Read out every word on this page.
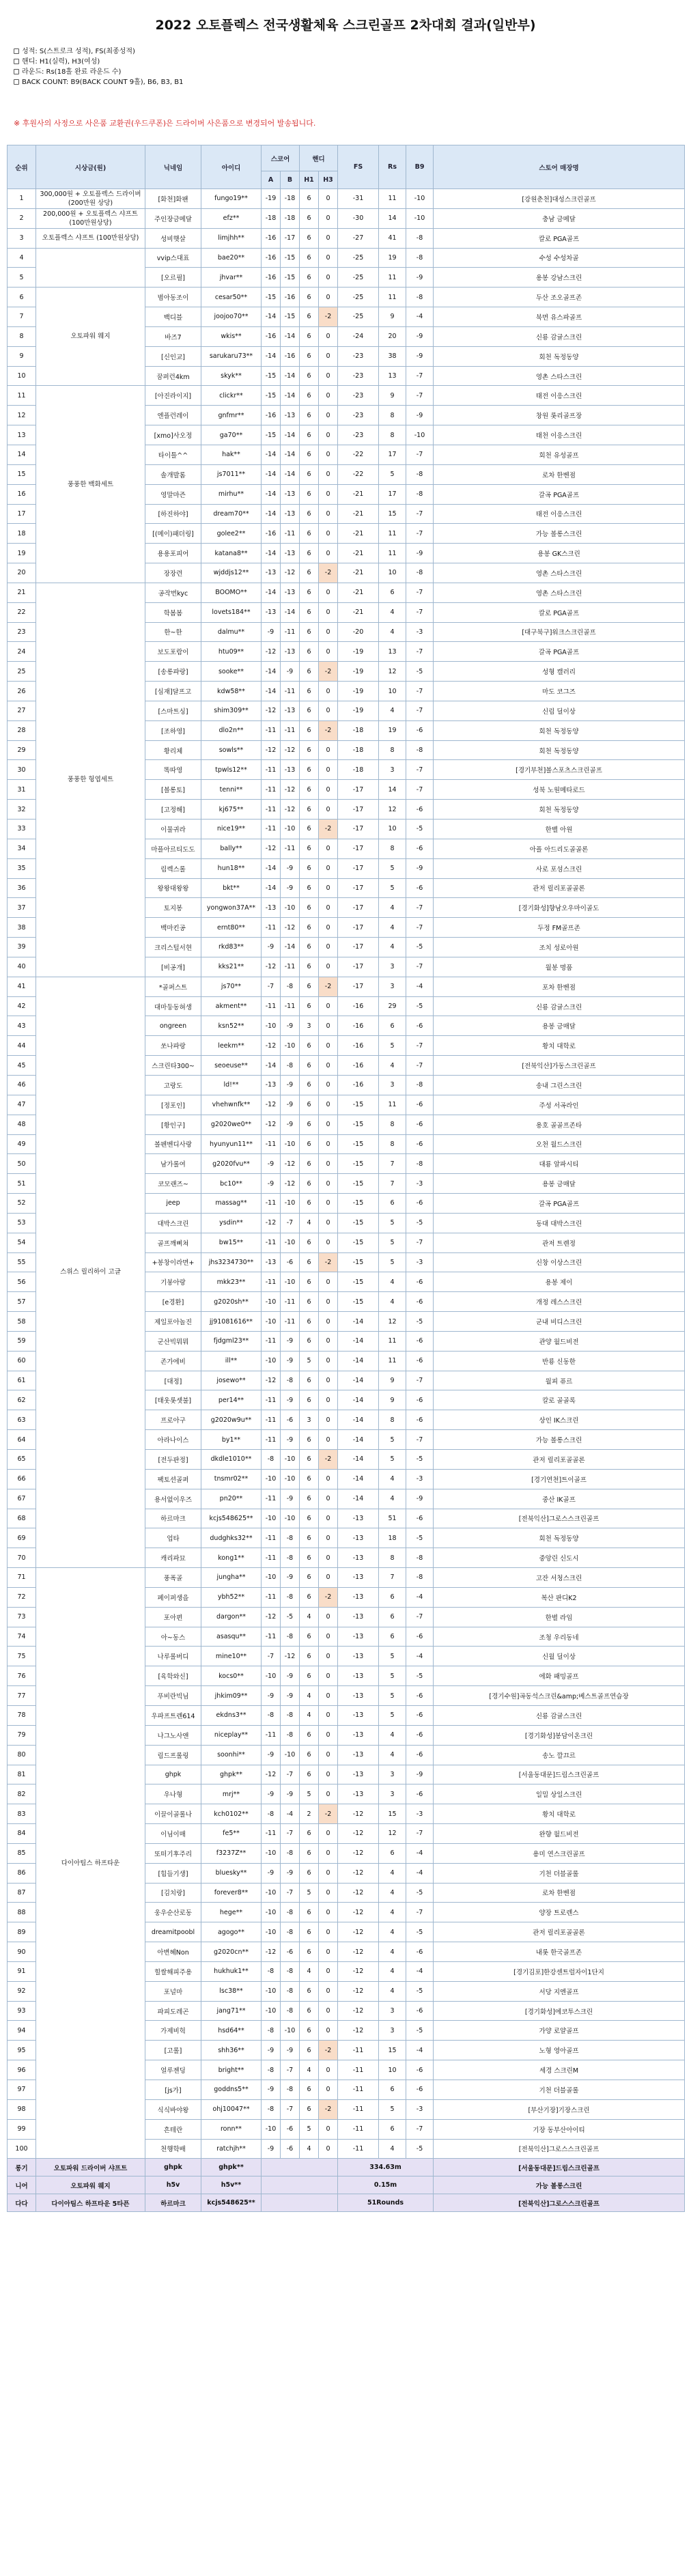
2022 오토플렉스 전국생활체육 스크린골프 2차대회 결과(일반부)
성적: S(스트로크 성적), FS(최종성적)
핸디: H1(실력), H3(여성)
라운드: Rs(18홀 완료 라운드 수)
BACK COUNT: B9(BACK COUNT 9홀), B6, B3, B1
※ 후원사의 사정으로 사은품 교환권(우드쿠폰)은 드라이버 사은품으로 변경되어 발송됩니다.
순위	시상금(원)	닉네임	아이디	스코어		핸디		FS	Rs	B9	스토어 매장명
				A	B	H1	H3				
1	300,000원 + 오토플렉스 드라이버 (200만원 상당)	[화천]화팬	fungo19**	-19	-18	6	0	-31	11	-10	[강원춘천]대성스크린골프
2	200,000원 + 오토플렉스 샤프트 (100만원상당)	주인장금메달	efz**	-18	-18	6	0	-30	14	-10	충남 금메달
3	오토플렉스 샤프트 (100만원상당)	성비햇살	limjhh**	-16	-17	6	0	-27	41	-8	칼로 PGA골프
4		vvip스대표	bae20**	-16	-15	6	0	-25	19	-8	수성 수성차골
5		[오르필]	jhvar**	-16	-15	6	0	-25	11	-9	용봉 강남스크린
6	오토파워 웨지	범아동조이	cesar50**	-15	-16	6	0	-25	11	-8	두산 조오골프존
7		백디블	joojoo70**	-14	-15	6	-2	-25	9	-4	북면 유스파골프
8		바즈7	wkis**	-16	-14	6	0	-24	20	-9	신룡 감귤스크린
9		[신인교]	sarukaru73**	-14	-16	6	0	-23	38	-9	회천 독정동양
10		꿈퍼런4km	skyk**	-15	-14	6	0	-23	13	-7	영촌 스타스크린
11	풍풍한 백화세트	[아진라이지]	clickr**	-15	-14	6	0	-23	9	-7	태전 이응스크린
12		엔플런레이	gnfmr**	-16	-13	6	0	-23	8	-9	창원 롯리골프장
13		[xmo]사오정	ga70**	-15	-14	6	0	-23	8	-10	태천 이응스크린
14		타이틀^^	hak**	-14	-14	6	0	-22	17	-7	회천 유성골프
15		솔개발롬	js7011**	-14	-14	6	0	-22	5	-8	로차 한벤점
16		영말마즌	mirhu**	-14	-13	6	0	-21	17	-8	갈곡 PGA골프
17		[하진하야]	dream70**	-14	-13	6	0	-21	15	-7	태전 이응스크린
18		[(메이)패더링]	golee2**	-16	-11	6	0	-21	11	-7	가능 볼롱스크린
19		용용포피어	katana8**	-14	-13	6	0	-21	11	-9	용봉 GK스크린
20		장장련	wjddjs12**	-13	-12	6	-2	-21	10	-8	영촌 스타스크린
21	풍풍한 헝엽세트	공작번kyc	BOOMO**	-14	-13	6	0	-21	6	-7	영촌 스타스크린
22		학봄봄	lovets184**	-13	-14	6	0	-21	4	-7	칼로 PGA골프
23		한~한	dalmu**	-9	-11	6	0	-20	4	-3	[대구북구]워크스크린골프
24		보도포람이	htu09**	-12	-13	6	0	-19	13	-7	갈곡 PGA골프
25		[송롱파랑]	sooke**	-14	-9	6	-2	-19	12	-5	성형 캘러리
26		[심재]달프고	kdw58**	-14	-11	6	0	-19	10	-7	마도 코그즈
27		[스마트싱]	shim309**	-12	-13	6	0	-19	4	-7	신림 딜이상
28		[조하영]	dlo2n**	-11	-11	6	-2	-18	19	-6	회천 독정동양
29		황리체	sowls**	-12	-12	6	0	-18	8	-8	회천 독정동양
30		똑따영	tpwls12**	-11	-13	6	0	-18	3	-7	[경기부천]볼스포츠스크린골프
31		[볼롱토]	tenni**	-11	-12	6	0	-17	14	-7	성북 노원메타로드
32		[고정해]	kj675**	-11	-12	6	0	-17	12	-6	회천 독정동양
33		이물귀라	nice19**	-11	-10	6	-2	-17	10	-5	한벨 아원
34		마플아르티도도	bally**	-12	-11	6	0	-17	8	-6	아플 아드리도골골론
35		림렉스롤	hun18**	-14	-9	6	0	-17	5	-9	사로 포섬스크린
36		왕왕대왕왕	bkt**	-14	-9	6	0	-17	5	-6	관저 릴리포골골론
37		토지봉	yongwon37A**	-13	-10	6	0	-17	4	-7	[경기화성]향남오우마이골도
38		백마킨공	ernt80**	-11	-12	6	0	-17	4	-7	두정 FM골프존
39		크리스털서현	rkd83**	-9	-14	6	0	-17	4	-5	조치 성로아원
40		[비공개]	kks21**	-12	-11	6	0	-17	3	-7	월봉 명품
41	스위스 릴리하이 고글	*골퍼스트	js70**	-7	-8	6	-2	-17	3	-4	포차 한벤점
42		대마둥동혀생	akment**	-11	-11	6	0	-16	29	-5	신룡 감귤스크린
43		ongreen	ksn52**	-10	-9	3	0	-16	6	-6	용봉 금매달
44		쏘나파랑	leekm**	-12	-10	6	0	-16	5	-7	황치 대학로
45		스크린타300~	seoeuse**	-14	-8	6	0	-16	4	-7	[전북익산]가동스크린골프
46		고랑도	ld!**	-13	-9	6	0	-16	3	-8	송내 그린스크린
47		[정포인]	vhehwnfk**	-12	-9	6	0	-15	11	-6	주성 서곡라인
48		[황인구]	g2020we0**	-12	-9	6	0	-15	8	-6	용호 골골프존타
49		볼펜벤디사랑	hyunyun11**	-11	-10	6	0	-15	8	-6	오천 월드스크린
50		남가롤여	g2020fvu**	-9	-12	6	0	-15	7	-8	대룡 알파시티
51		코모랜즈~	bc10**	-9	-12	6	0	-15	7	-3	용봉 금매달
52		jeep	massag**	-11	-10	6	0	-15	6	-6	갈곡 PGA골프
53		대박스크린	ysdin**	-12	-7	4	0	-15	5	-5	동대 대박스크린
54		골프깨삐쳐	bw15**	-11	-10	6	0	-15	5	-7	관저 트렌정
55		+봉창이라면+	jhs3234730**	-13	-6	6	-2	-15	5	-3	신창 이상스크린
56		기붕아랑	mkk23**	-11	-10	6	0	-15	4	-6	용봉 제이
57		[e경환]	g2020sh**	-10	-11	6	0	-15	4	-6	개정 레스스크린
58		제일포아놀진	jj91081616**	-10	-11	6	0	-14	12	-5	군내 비디스크린
59		군산빅뭐뭐	fjdgml23**	-11	-9	6	0	-14	11	-6	관양 월드비전
60		존가에비	ill**	-10	-9	5	0	-14	11	-6	반룡 신동한
61		[대정]	josewo**	-12	-8	6	0	-14	9	-7	월피 퓨르
62		[태웃롯셋불]	per14**	-11	-9	6	0	-14	9	-6	칼로 골골록
63		프로아구	g2020w9u**	-11	-6	3	0	-14	8	-6	상인 IK스크린
64		아라나이스	by1**	-11	-9	6	0	-14	5	-7	가능 볼롱스크린
65		[전두판정]	dkdle1010**	-8	-10	6	-2	-14	5	-5	관저 릴리포골골론
66		팩토션골퍼	tnsmr02**	-10	-10	6	0	-14	4	-3	[경기연천]트이골프
67		용서없이우즈	pn20**	-11	-9	6	0	-14	4	-9	중산 IK골프
68		하르마크	kcjs548625**	-10	-10	6	0	-13	51	-6	[전북익산]그로스스크린골프
69		업타	dudghks32**	-11	-8	6	0	-13	18	-5	회천 독정동양
70		캐리파묘	kong1**	-11	-8	6	0	-13	8	-8	중앙린 신도시
71	다이아팀스 하프타운	풍폭골	jungha**	-10	-9	6	0	-13	7	-8	고잔 서청스크린
72		페이퍼생을	ybh52**	-11	-8	6	-2	-13	6	-4	복산 판디K2
73		포아편	dargon**	-12	-5	4	0	-13	6	-7	한별 라임
74		아~동스	asasqu**	-11	-8	6	0	-13	6	-6	조청 우리동네
75		나루롤버디	mine10**	-7	-12	6	0	-13	5	-4	신월 딜이상
76		[육학와신]	kocs0**	-10	-9	6	0	-13	5	-5	에화 패밍골프
77		푸비란빅님	jhkim09**	-9	-9	4	0	-13	5	-6	[경기수원]곡동석스크린&amp;베스트골프연습장
78		우파프트렌614	ekdns3**	-8	-8	4	0	-13	5	-6	신룡 감귤스크린
79		나그노사앤	niceplay**	-11	-8	6	0	-13	4	-6	[경기화성]봉담이온크린
80		림드프롤링	soonhi**	-9	-10	6	0	-13	4	-6	송노 깔끄르
81		ghpk	ghpk**	-12	-7	6	0	-13	3	-9	[서울동대문]드림스크린골프
82		우나형	mrj**	-9	-9	5	0	-13	3	-6	일밀 상일스크린
83		이끌이골롤나	kch0102**	-8	-4	2	-2	-12	15	-3	황치 대학로
84		이님이매	fe5**	-11	-7	6	0	-12	12	-7	완향 월드비전
85		또떠기후주리	f3237Z**	-10	-8	6	0	-12	6	-4	용미 연스크린골프
86		[힘들기생]	bluesky**	-9	-9	6	0	-12	4	-4	기천 더블골롤
87		[김치랑]	forever8**	-10	-7	5	0	-12	4	-5	로차 한벤점
88		웅우순산로동	hege**	-10	-8	6	0	-12	4	-7	양장 트로렌스
89		dreamitpoobl	agogo**	-10	-8	6	0	-12	4	-5	관저 릴리포골골론
90		아변혜Non	g2020cn**	-12	-6	6	0	-12	4	-6	내롯 한국골프존
91		힐쌀해피주용	hukhuk1**	-8	-8	4	0	-12	4	-4	[경기김포]한강센트럴자이1단지
92		포널마	lsc38**	-10	-8	6	0	-12	4	-5	서당 지엔골프
93		파피도레곤	jang71**	-10	-8	6	0	-12	3	-6	[경기화성]에코투스크린
94		가제비헉	hsd64**	-8	-10	6	0	-12	3	-5	가양 로얄골프
95		[고롤]	shh36**	-9	-9	6	-2	-11	15	-4	노형 영아골프
96		얼루젠딩	bright**	-8	-7	4	0	-11	10	-6	세경 스크린M
97		[js가]	goddns5**	-9	-8	6	0	-11	6	-6	기천 더블골롤
98		식식바야왕	ohj10047**	-8	-7	6	-2	-11	5	-3	[부산기장]기장스크린
99		흔테란	ronn**	-10	-6	5	0	-11	6	-7	기장 동부산아이티
100		천행학배	ratchjh**	-9	-6	4	0	-11	4	-5	[전북익산]그로스스크린골프
롱기	오토파워 드라이버 샤프트	ghpk	ghpk**					334.63m			[서울동대문]드림스크린골프
니어	오토파워 웨지	h5v	h5v**					0.15m			가능 볼롱스크린
다다	다이아팀스 하프타운 5타픈	하르마크	kcjs548625**					51Rounds			[전북익산]그로스스크린골프
